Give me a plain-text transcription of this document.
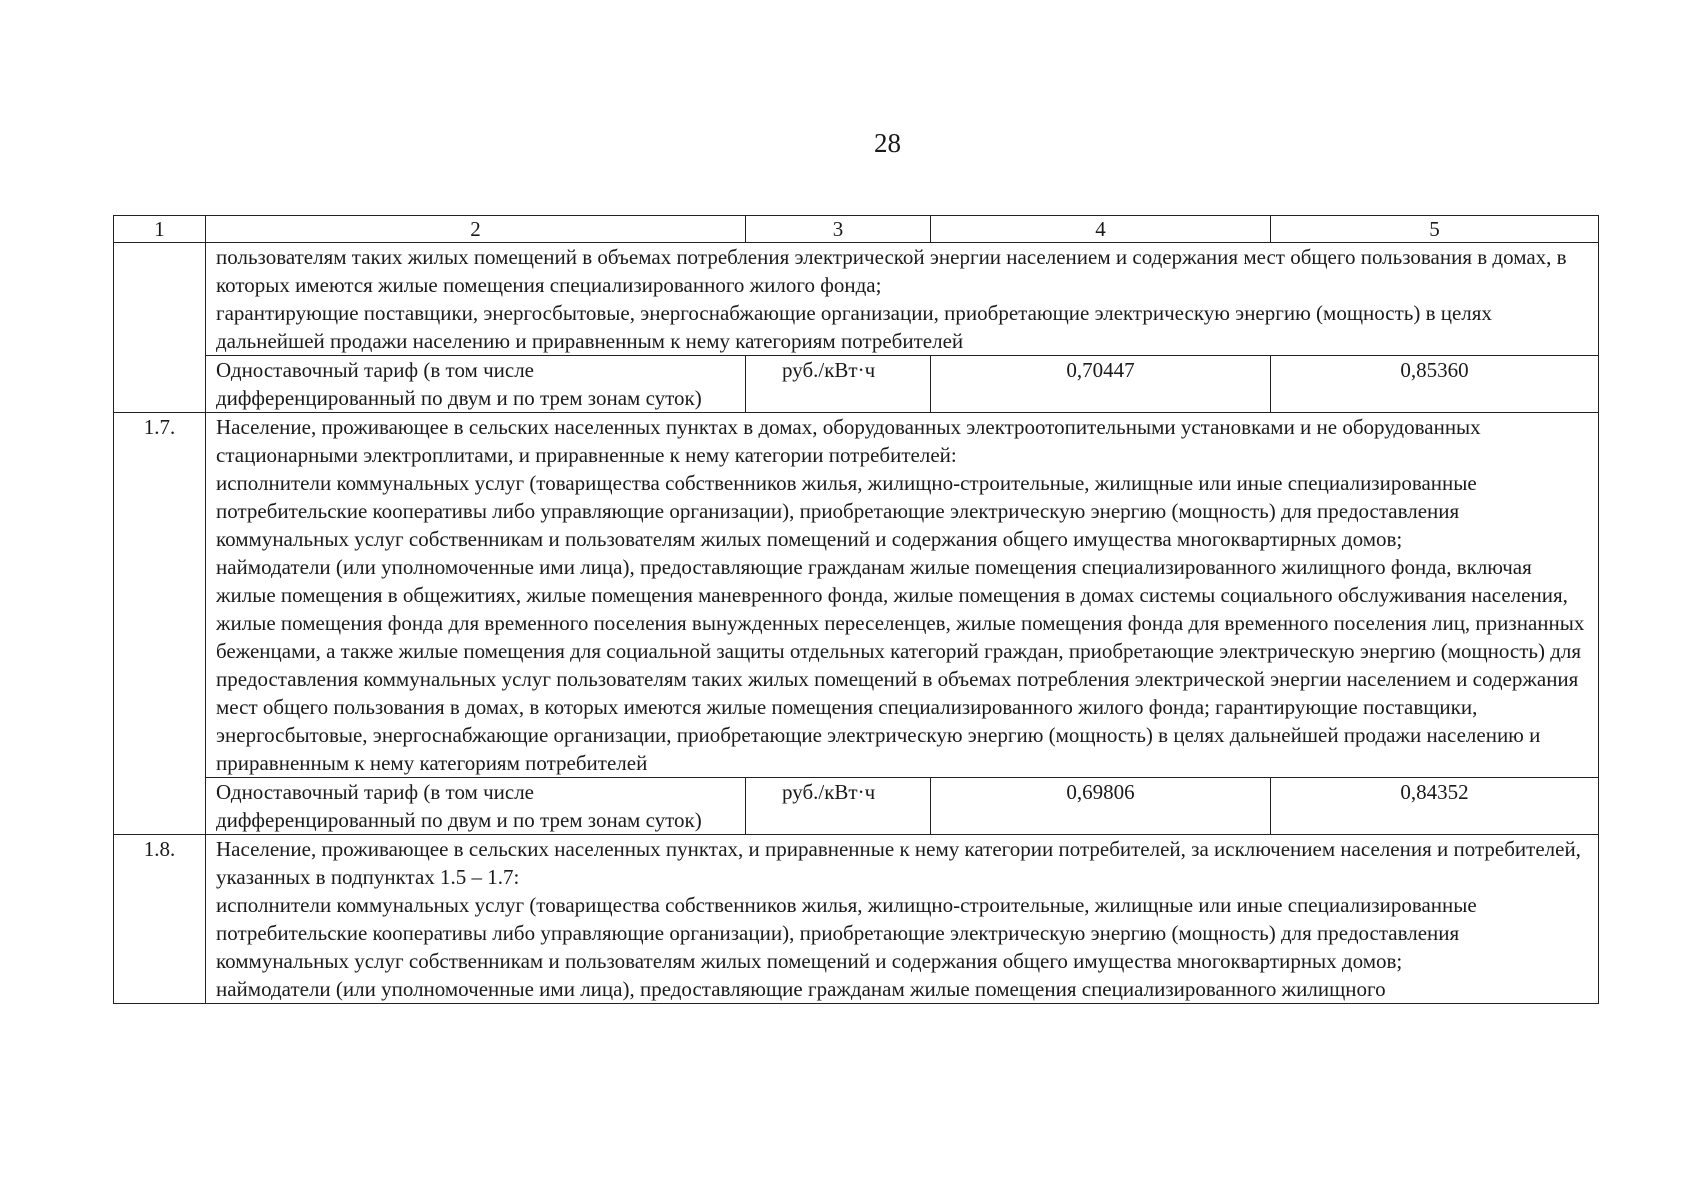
28
1	2	3	4	5

	пользователям таких жилых помещений в объемах потребления электрической энергии населением и содержания мест общего пользования в домах, в которых имеются жилые помещения специализированного жилого фонда;
гарантирующие поставщики, энергосбытовые, энергоснабжающие организации, приобретающие электрическую энергию (мощность) в целях дальнейшей продажи населению и приравненным к нему категориям потребителей			

	Одноставочный тариф (в том числе дифференцированный по двум и по трем зонам суток)	руб./кВт·ч	0,70447	0,85360
1.7.	Население, проживающее в сельских населенных пунктах в домах, оборудованных электроотопительными установками и не оборудованных стационарными электроплитами, и приравненные к нему категории потребителей:
исполнители коммунальных услуг (товарищества собственников жилья, жилищно-строительные, жилищные или иные специализированные потребительские кооперативы либо управляющие организации), приобретающие электрическую энергию (мощность) для предоставления коммунальных услуг собственникам и пользователям жилых помещений и содержания общего имущества многоквартирных домов;
наймодатели (или уполномоченные ими лица), предоставляющие гражданам жилые помещения специализированного жилищного фонда, включая жилые помещения в общежитиях, жилые помещения маневренного фонда, жилые помещения в домах системы социального обслуживания населения, жилые помещения фонда для временного поселения вынужденных переселенцев, жилые помещения фонда для временного поселения лиц, признанных беженцами, а также жилые помещения для социальной защиты отдельных категорий граждан, приобретающие электрическую энергию (мощность) для предоставления коммунальных услуг пользователям таких жилых помещений в объемах потребления электрической энергии населением и содержания мест общего пользования в домах, в которых имеются жилые помещения специализированного жилого фонда; гарантирующие поставщики, энергосбытовые, энергоснабжающие организации, приобретающие электрическую энергию (мощность) в целях дальнейшей продажи населению и приравненным к нему категориям потребителей			

	Одноставочный тариф (в том числе дифференцированный по двум и по трем зонам суток)	руб./кВт·ч	0,69806	0,84352
1.8.	Население, проживающее в сельских населенных пунктах, и приравненные к нему категории потребителей, за исключением населения и потребителей, указанных в подпунктах 1.5 – 1.7:
исполнители коммунальных услуг (товарищества собственников жилья, жилищно-строительные, жилищные или иные специализированные потребительские кооперативы либо управляющие организации), приобретающие электрическую энергию (мощность) для предоставления коммунальных услуг собственникам и пользователям жилых помещений и содержания общего имущества многоквартирных домов;
наймодатели (или уполномоченные ими лица), предоставляющие гражданам жилые помещения специализированного жилищного			
